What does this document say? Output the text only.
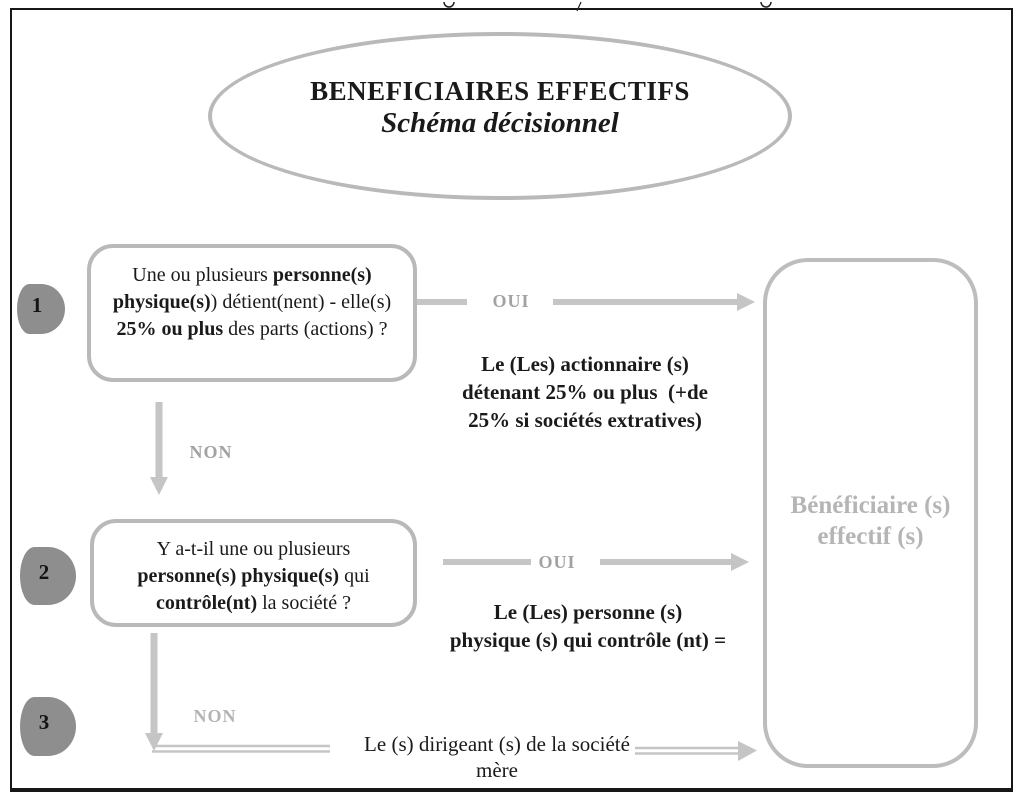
BENEFICIAIRES EFFECTIFS
Schéma décisionnel
1
2
3
Une ou plusieurs personne(s)
physique(s)) détient(nent) - elle(s)
25% ou plus des parts (actions) ?
Y a-t-il une ou plusieurs
personne(s) physique(s) qui
contrôle(nt) la société ?
OUI
NON
OUI
NON
Le (Les) actionnaire (s)
détenant 25% ou plus  (+de
25% si sociétés extratives)
Le (Les) personne (s)
physique (s) qui contrôle (nt) =
Le (s) dirigeant (s) de la société
mère
Bénéficiaire (s)
effectif (s)
